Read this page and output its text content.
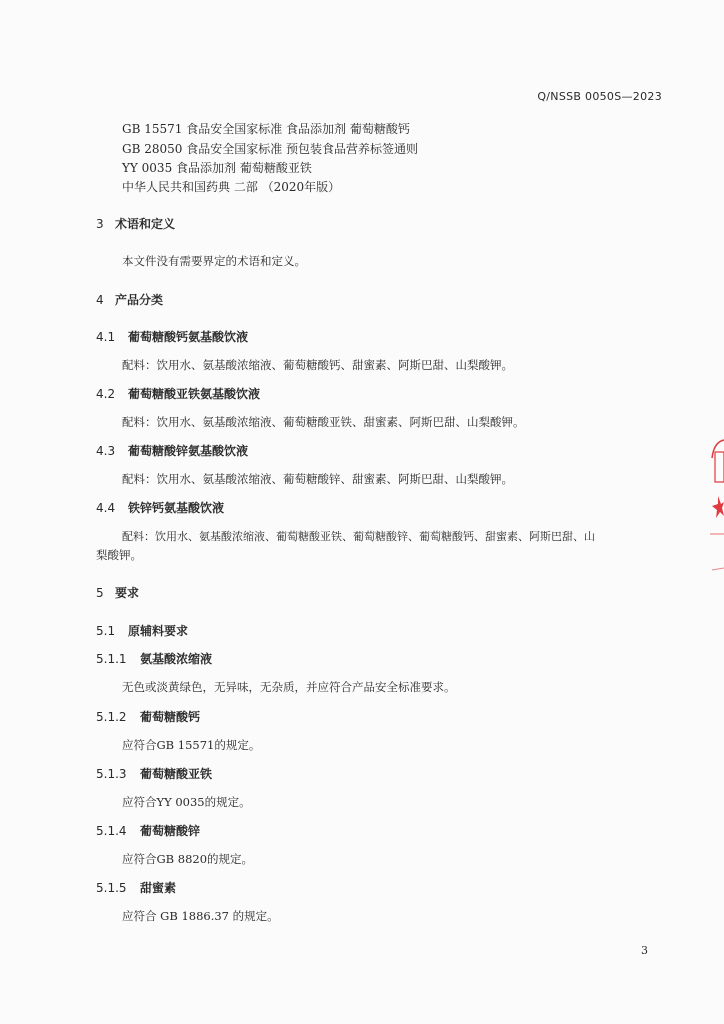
Q/NSSB 0050S—2023
GB 15571 食品安全国家标准 食品添加剂 葡萄糖酸钙
GB 28050 食品安全国家标准 预包装食品营养标签通则
YY 0035 食品添加剂 葡萄糖酸亚铁
中华人民共和国药典 二部 （2020年版）
3 术语和定义
本文件没有需要界定的术语和定义。
4 产品分类
4.1 葡萄糖酸钙氨基酸饮液
配料：饮用水、氨基酸浓缩液、葡萄糖酸钙、甜蜜素、阿斯巴甜、山梨酸钾。
4.2 葡萄糖酸亚铁氨基酸饮液
配料：饮用水、氨基酸浓缩液、葡萄糖酸亚铁、甜蜜素、阿斯巴甜、山梨酸钾。
4.3 葡萄糖酸锌氨基酸饮液
配料：饮用水、氨基酸浓缩液、葡萄糖酸锌、甜蜜素、阿斯巴甜、山梨酸钾。
4.4 铁锌钙氨基酸饮液
配料：饮用水、氨基酸浓缩液、葡萄糖酸亚铁、葡萄糖酸锌、葡萄糖酸钙、甜蜜素、阿斯巴甜、山
梨酸钾。
5 要求
5.1 原辅料要求
5.1.1 氨基酸浓缩液
无色或淡黄绿色，无异味，无杂质，并应符合产品安全标准要求。
5.1.2 葡萄糖酸钙
应符合GB 15571的规定。
5.1.3 葡萄糖酸亚铁
应符合YY 0035的规定。
5.1.4 葡萄糖酸锌
应符合GB 8820的规定。
5.1.5 甜蜜素
应符合 GB 1886.37 的规定。
3
